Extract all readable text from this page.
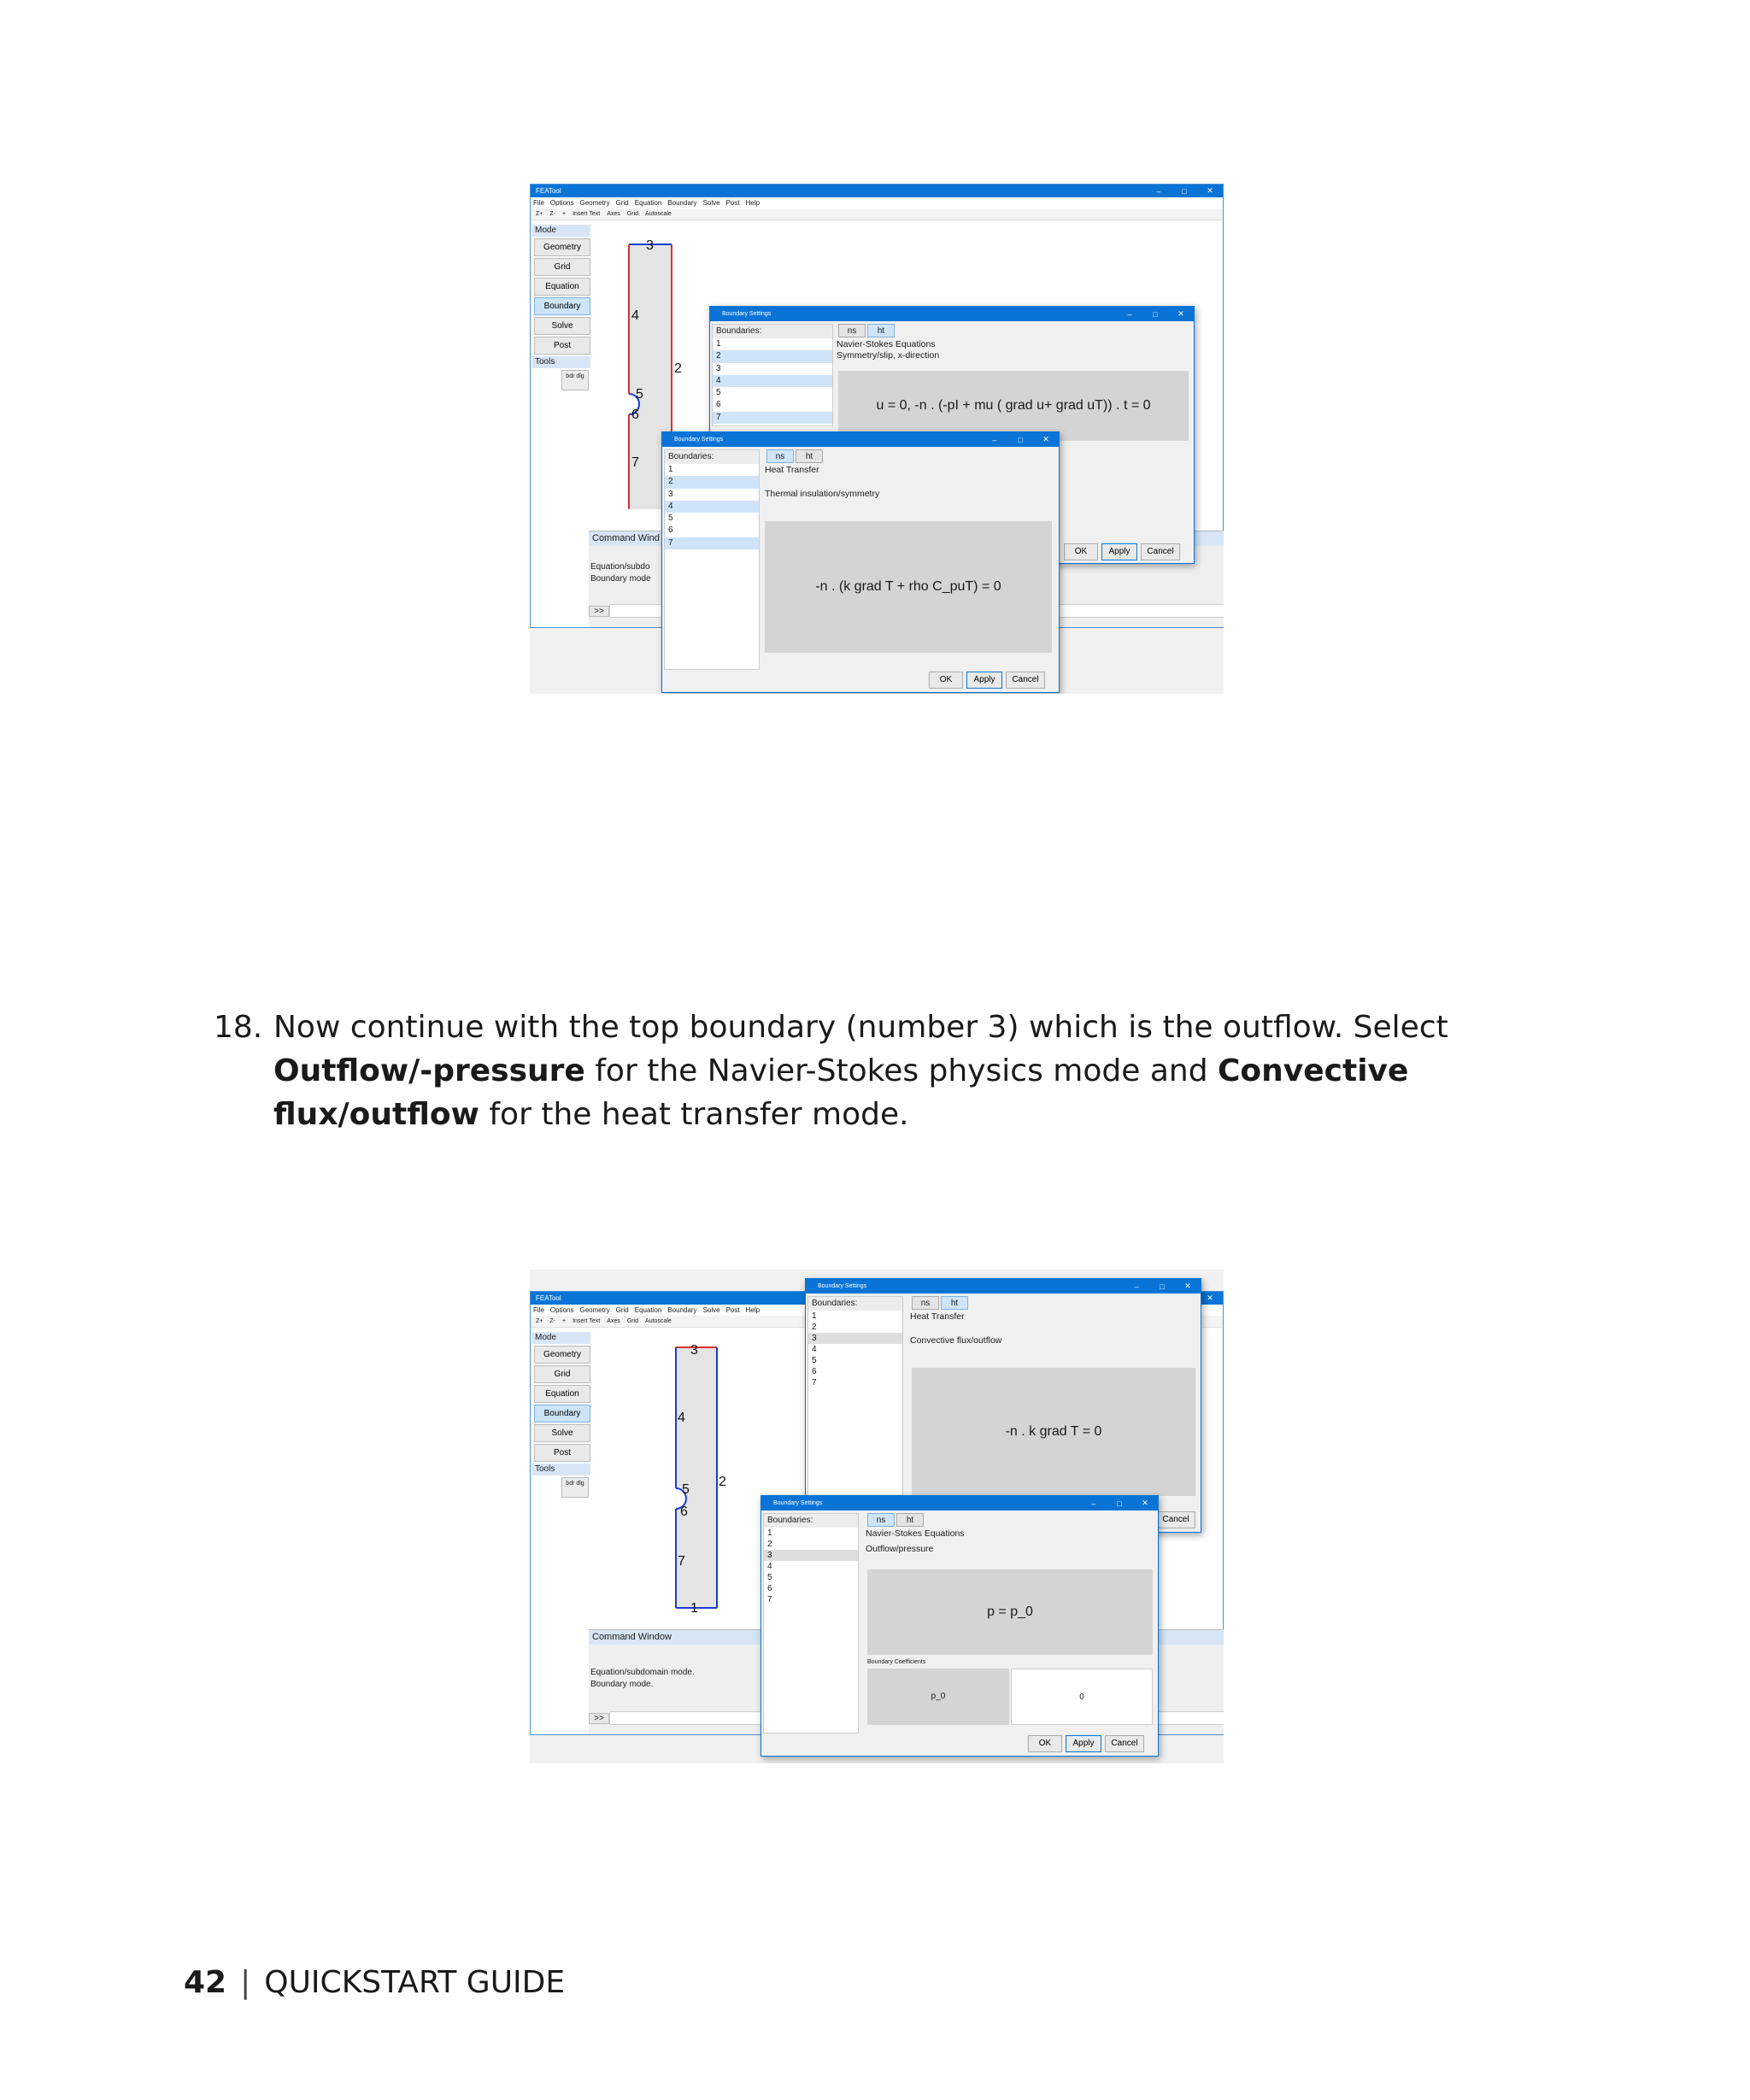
FEATool	–	□	✕
File Options Geometry Grid Equation Boundary Solve Post Help
Z+ Z- + Insert Text Axes Grid Autoscale
Mode
Geometry
Grid
Equation
Boundary
Solve
Post
Tools
bdr dlg
3
2
4
5
6
7
Command Wind
Equation/subdo
Boundary mode
>>
Boundary Settings	–	□	✕
Boundaries:
1
2
3
4
5
6
7
ns	ht
Navier-Stokes Equations
Symmetry/slip, x-direction
u = 0, -n . (-pI + mu ( grad u+ grad uT)) . t = 0
OK	Apply	Cancel
Boundary Settings	–	□	✕
Boundaries:
1
2
3
4
5
6
7
ns	ht
Heat Transfer
Thermal insulation/symmetry
-n . (k grad T + rho C_puT) = 0
OK	Apply	Cancel
18. Now continue with the top boundary (number 3) which is the outflow. Select Outflow/-pressure for the Navier-Stokes physics mode and Convective flux/outflow for the heat transfer mode.
FEATool	✕
File Options Geometry Grid Equation Boundary Solve Post Help
Z+ Z- + Insert Text Axes Grid Autoscale
Mode
Geometry
Grid
Equation
Boundary
Solve
Post
Tools
bdr dlg
3
2
4
5
6
7
1
Command Window
Equation/subdomain mode.
Boundary mode.
>>
Boundary Settings	–	□	✕
Boundaries:
1
2
3
4
5
6
7
ns	ht
Heat Transfer
Convective flux/outflow
-n . k grad T = 0
Cancel
Boundary Settings	–	□	✕
Boundaries:
1
2
3
4
5
6
7
ns	ht
Navier-Stokes Equations
Outflow/pressure
p = p_0
Boundary Coefficients
p_0	0
OK	Apply	Cancel
42 | QUICKSTART GUIDE
